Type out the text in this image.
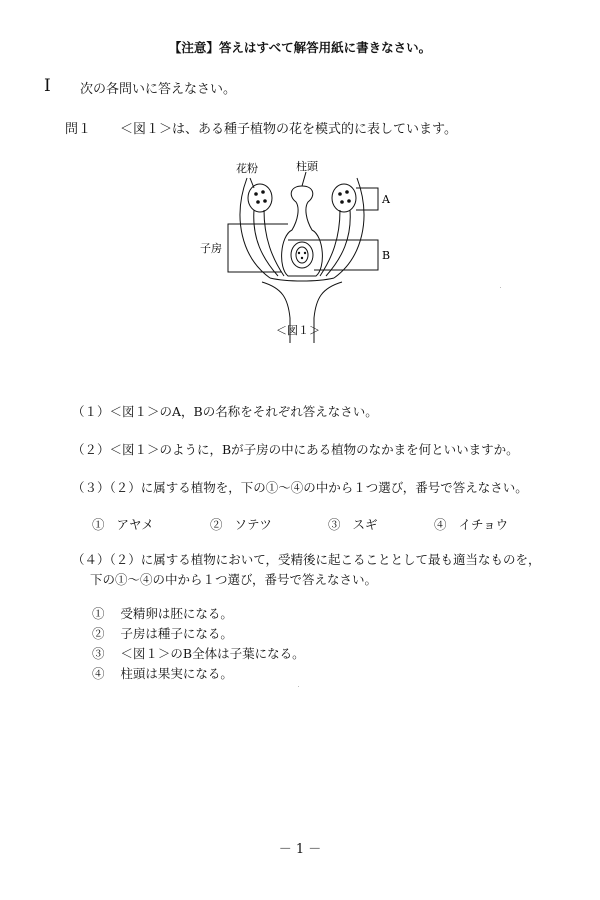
【注意】答えはすべて解答用紙に書きなさい。
Ⅰ 次の各問いに答えなさい。
問１ ＜図１＞は、ある種子植物の花を模式的に表しています。
花粉	柱頭
子房
A
B
＜図１＞
（１）＜図１＞のA，Bの名称をそれぞれ答えなさい。
（２）＜図１＞のように，Bが子房の中にある植物のなかまを何といいますか。
（３）（２）に属する植物を，下の①～④の中から１つ選び，番号で答えなさい。
① アヤメ	② ソテツ	③ スギ	④ イチョウ
（４）（２）に属する植物において，受精後に起こることとして最も適当なものを，
下の①～④の中から１つ選び，番号で答えなさい。
① 受精卵は胚になる。
② 子房は種子になる。
③ ＜図１＞のB全体は子葉になる。
④ 柱頭は果実になる。
－ 1 －
